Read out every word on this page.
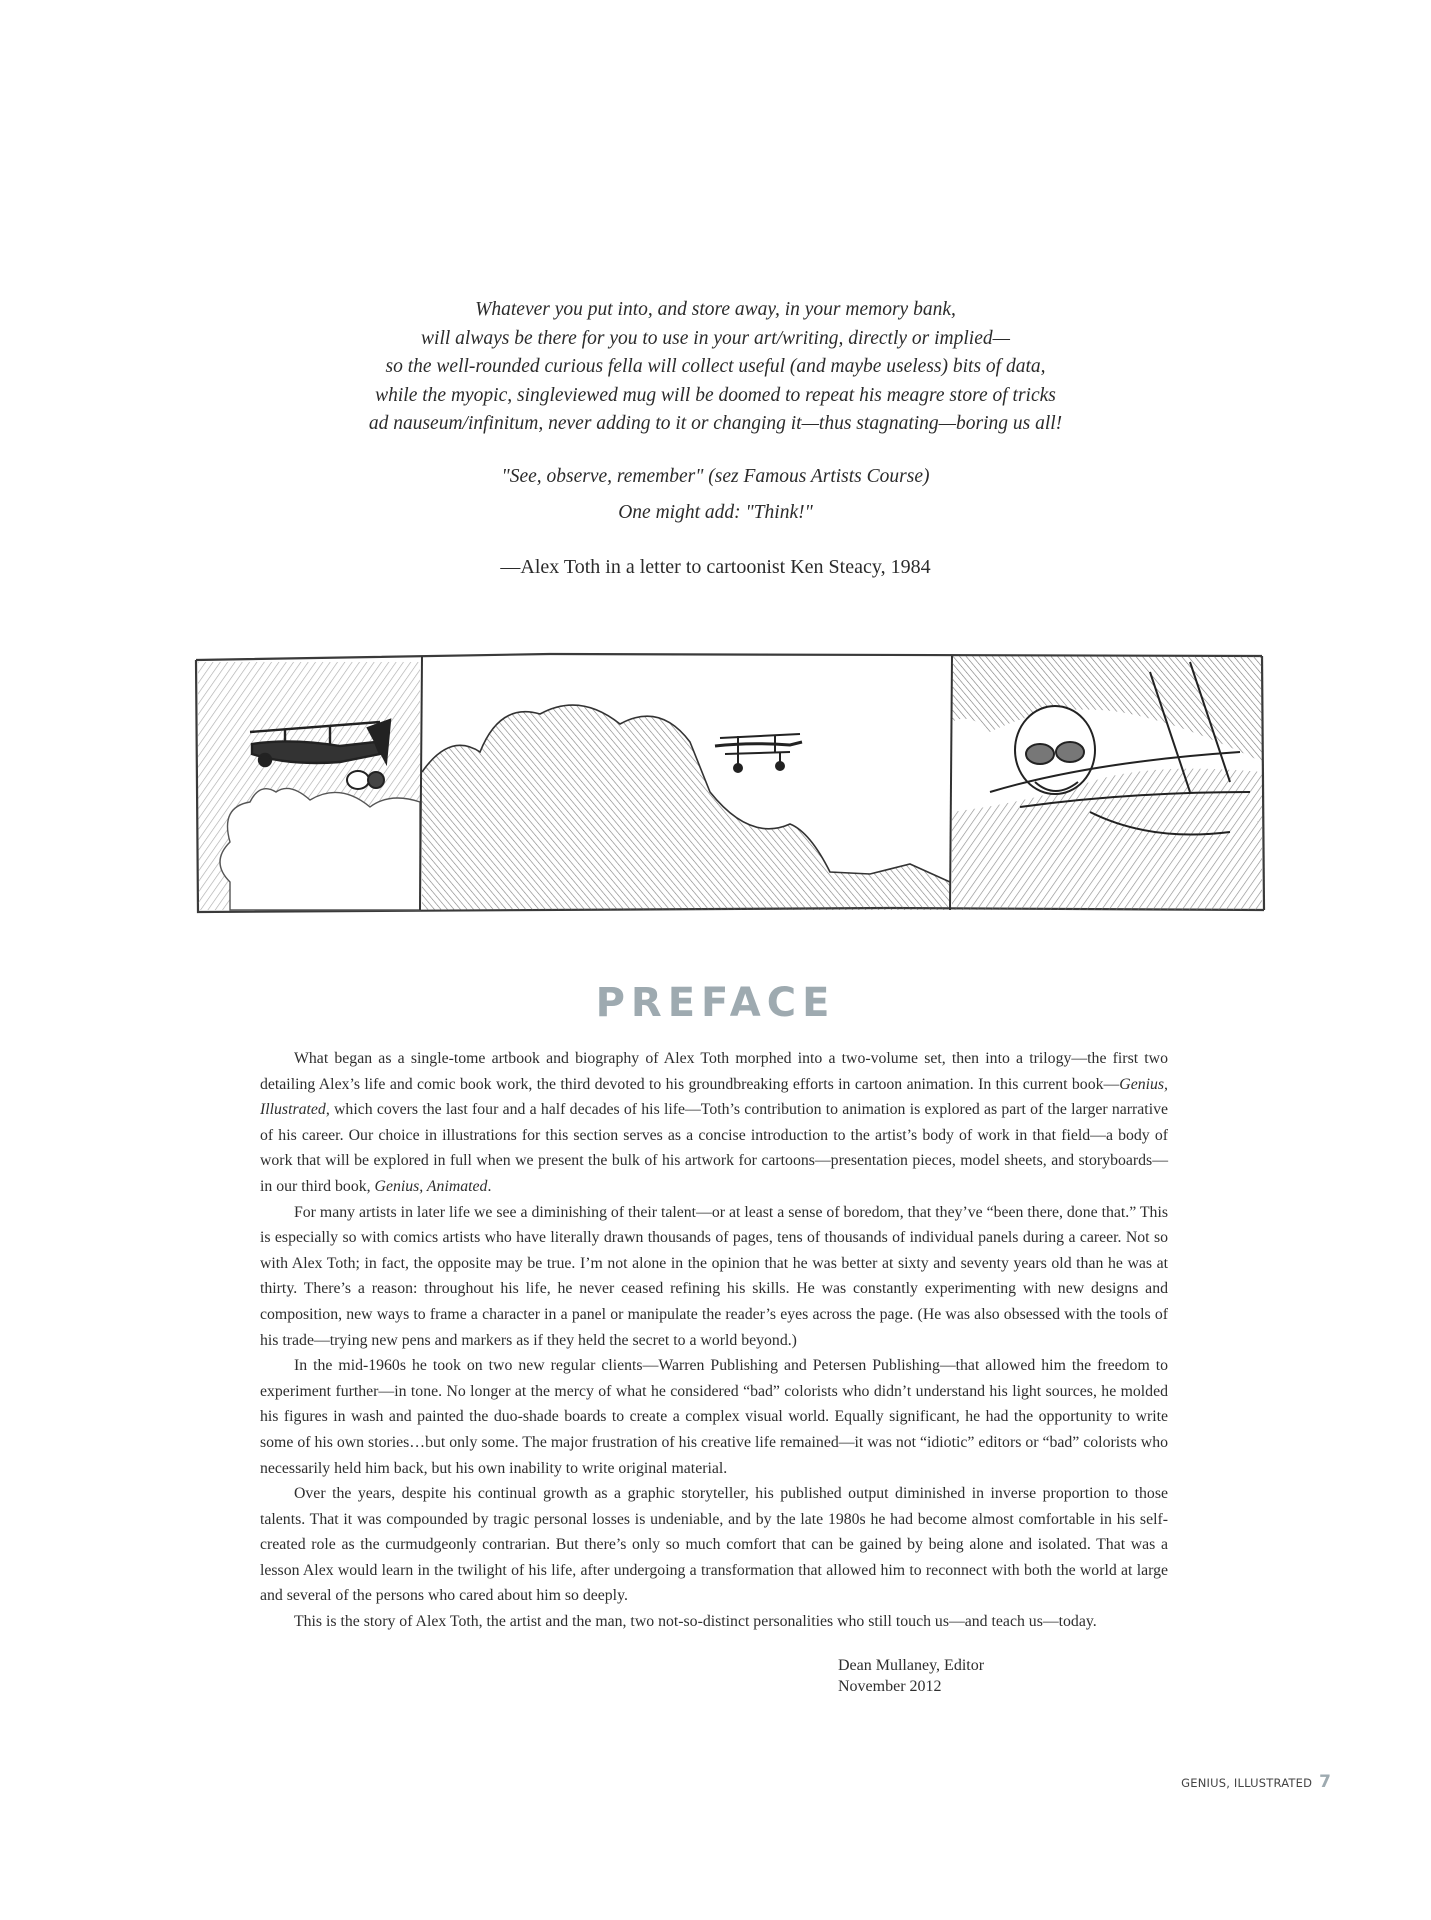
Whatever you put into, and store away, in your memory bank,

will always be there for you to use in your art/writing, directly or implied—

so the well-rounded curious fella will collect useful (and maybe useless) bits of data,

while the myopic, singleviewed mug will be doomed to repeat his meagre store of tricks

ad nauseum/infinitum, never adding to it or changing it—thus stagnating—boring us all!

"See, observe, remember" (sez Famous Artists Course)

One might add: "Think!"

—Alex Toth in a letter to cartoonist Ken Steacy, 1984

PREFACE

What began as a single-tome artbook and biography of Alex Toth morphed into a two-volume set, then into a trilogy—the first two detailing Alex’s life and comic book work, the third devoted to his groundbreaking efforts in cartoon animation. In this current book—Genius, Illustrated, which covers the last four and a half decades of his life—Toth’s contribution to animation is explored as part of the larger narrative of his career. Our choice in illustrations for this section serves as a concise introduction to the artist’s body of work in that field—a body of work that will be explored in full when we present the bulk of his artwork for cartoons—presentation pieces, model sheets, and storyboards—in our third book, Genius, Animated.

For many artists in later life we see a diminishing of their talent—or at least a sense of boredom, that they’ve “been there, done that.” This is especially so with comics artists who have literally drawn thousands of pages, tens of thousands of individual panels during a career. Not so with Alex Toth; in fact, the opposite may be true. I’m not alone in the opinion that he was better at sixty and seventy years old than he was at thirty. There’s a reason: throughout his life, he never ceased refining his skills. He was constantly experimenting with new designs and composition, new ways to frame a character in a panel or manipulate the reader’s eyes across the page. (He was also obsessed with the tools of his trade—trying new pens and markers as if they held the secret to a world beyond.)

In the mid-1960s he took on two new regular clients—Warren Publishing and Petersen Publishing—that allowed him the freedom to experiment further—in tone. No longer at the mercy of what he considered “bad” colorists who didn’t understand his light sources, he molded his figures in wash and painted the duo-shade boards to create a complex visual world. Equally significant, he had the opportunity to write some of his own stories…but only some. The major frustration of his creative life remained—it was not “idiotic” editors or “bad” colorists who necessarily held him back, but his own inability to write original material.

Over the years, despite his continual growth as a graphic storyteller, his published output diminished in inverse proportion to those talents. That it was compounded by tragic personal losses is undeniable, and by the late 1980s he had become almost comfortable in his self-created role as the curmudgeonly contrarian. But there’s only so much comfort that can be gained by being alone and isolated. That was a lesson Alex would learn in the twilight of his life, after undergoing a transformation that allowed him to reconnect with both the world at large and several of the persons who cared about him so deeply.

This is the story of Alex Toth, the artist and the man, two not-so-distinct personalities who still touch us—and teach us—today.

Dean Mullaney, Editor
November 2012
GENIUS, ILLUSTRATED 7
